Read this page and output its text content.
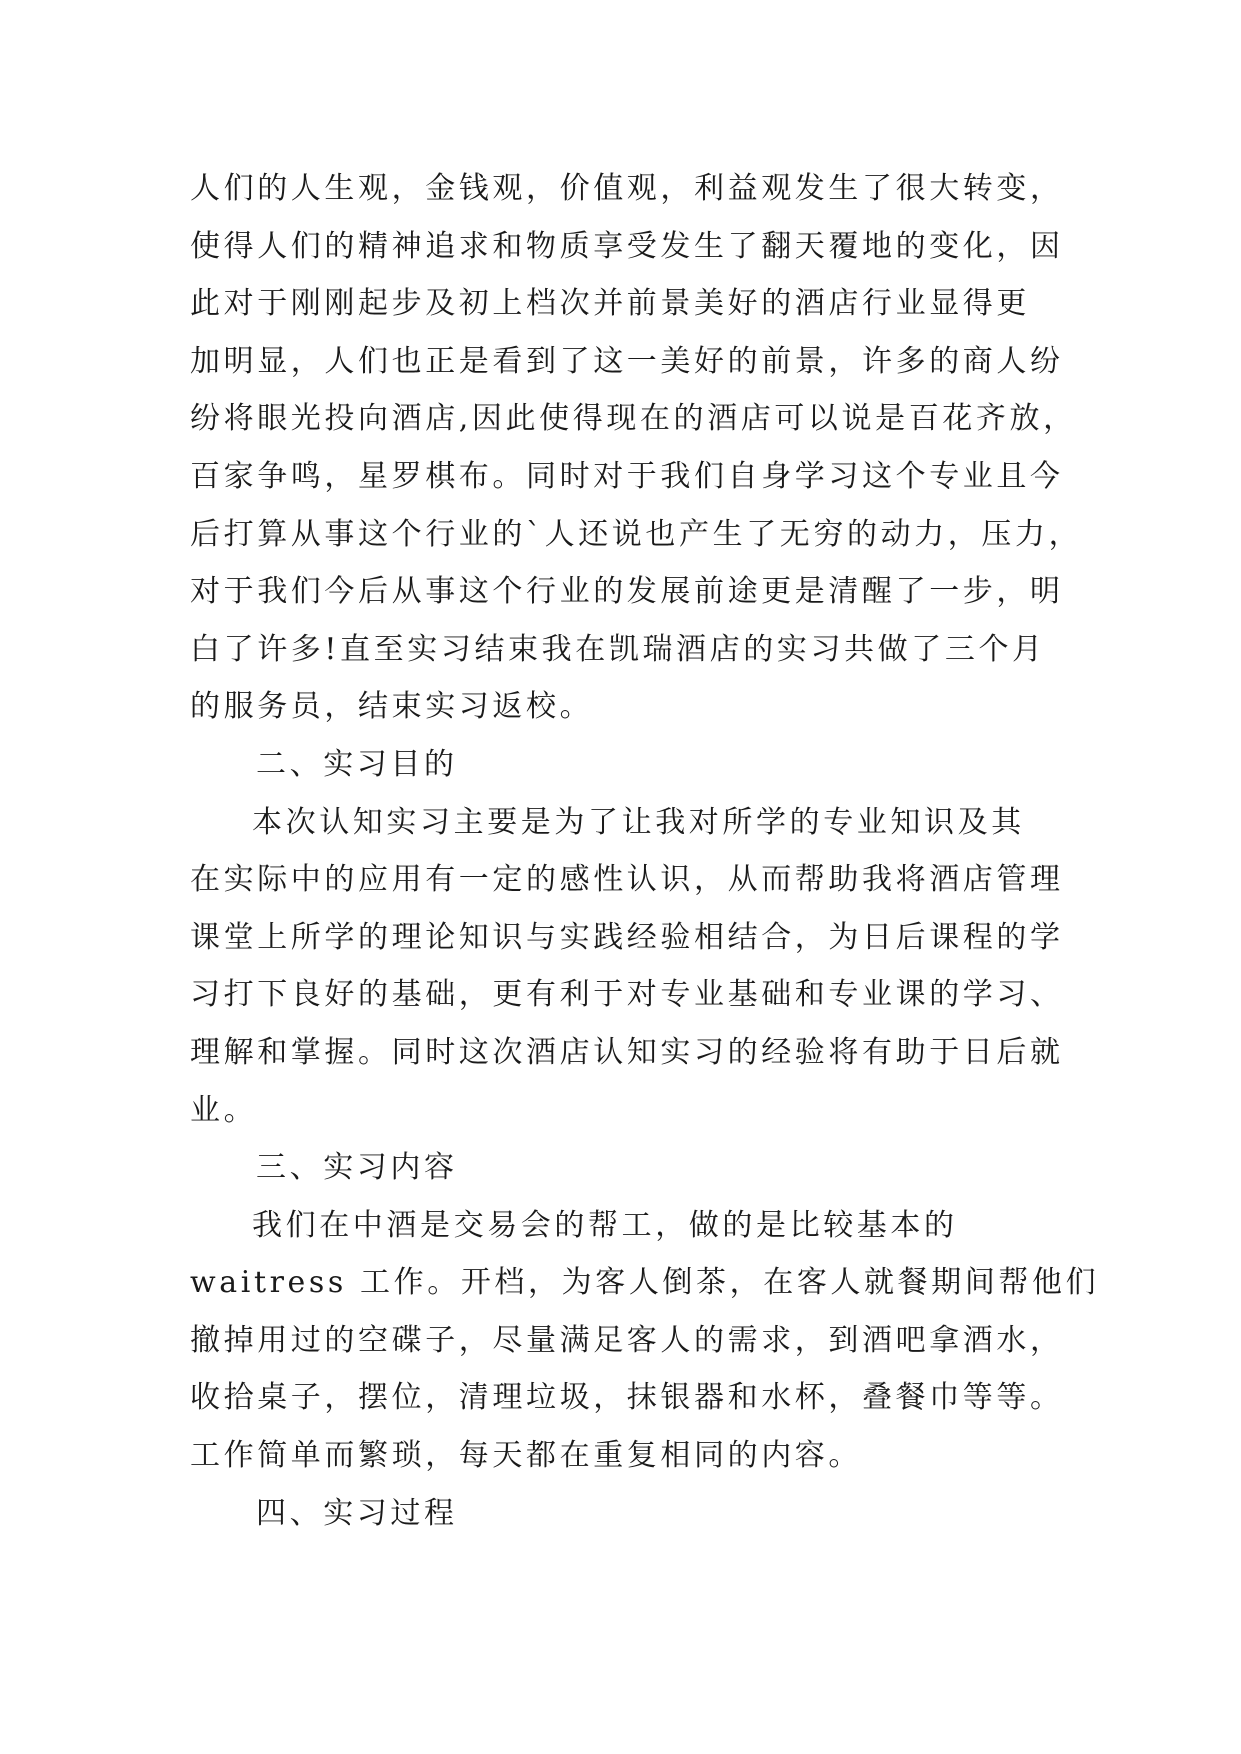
人们的人生观，金钱观，价值观，利益观发生了很大转变，
使得人们的精神追求和物质享受发生了翻天覆地的变化，因
此对于刚刚起步及初上档次并前景美好的酒店行业显得更
加明显，人们也正是看到了这一美好的前景，许多的商人纷
纷将眼光投向酒店,因此使得现在的酒店可以说是百花齐放，
百家争鸣，星罗棋布。同时对于我们自身学习这个专业且今
后打算从事这个行业的`人还说也产生了无穷的动力，压力，
对于我们今后从事这个行业的发展前途更是清醒了一步，明
白了许多!直至实习结束我在凯瑞酒店的实习共做了三个月
的服务员，结束实习返校。
二、实习目的
本次认知实习主要是为了让我对所学的专业知识及其
在实际中的应用有一定的感性认识，从而帮助我将酒店管理
课堂上所学的理论知识与实践经验相结合，为日后课程的学
习打下良好的基础，更有利于对专业基础和专业课的学习、
理解和掌握。同时这次酒店认知实习的经验将有助于日后就
业。
三、实习内容
我们在中酒是交易会的帮工，做的是比较基本的
waitress 工作。开档，为客人倒茶，在客人就餐期间帮他们
撤掉用过的空碟子，尽量满足客人的需求，到酒吧拿酒水，
收拾桌子，摆位，清理垃圾，抹银器和水杯，叠餐巾等等。
工作简单而繁琐，每天都在重复相同的内容。
四、实习过程
